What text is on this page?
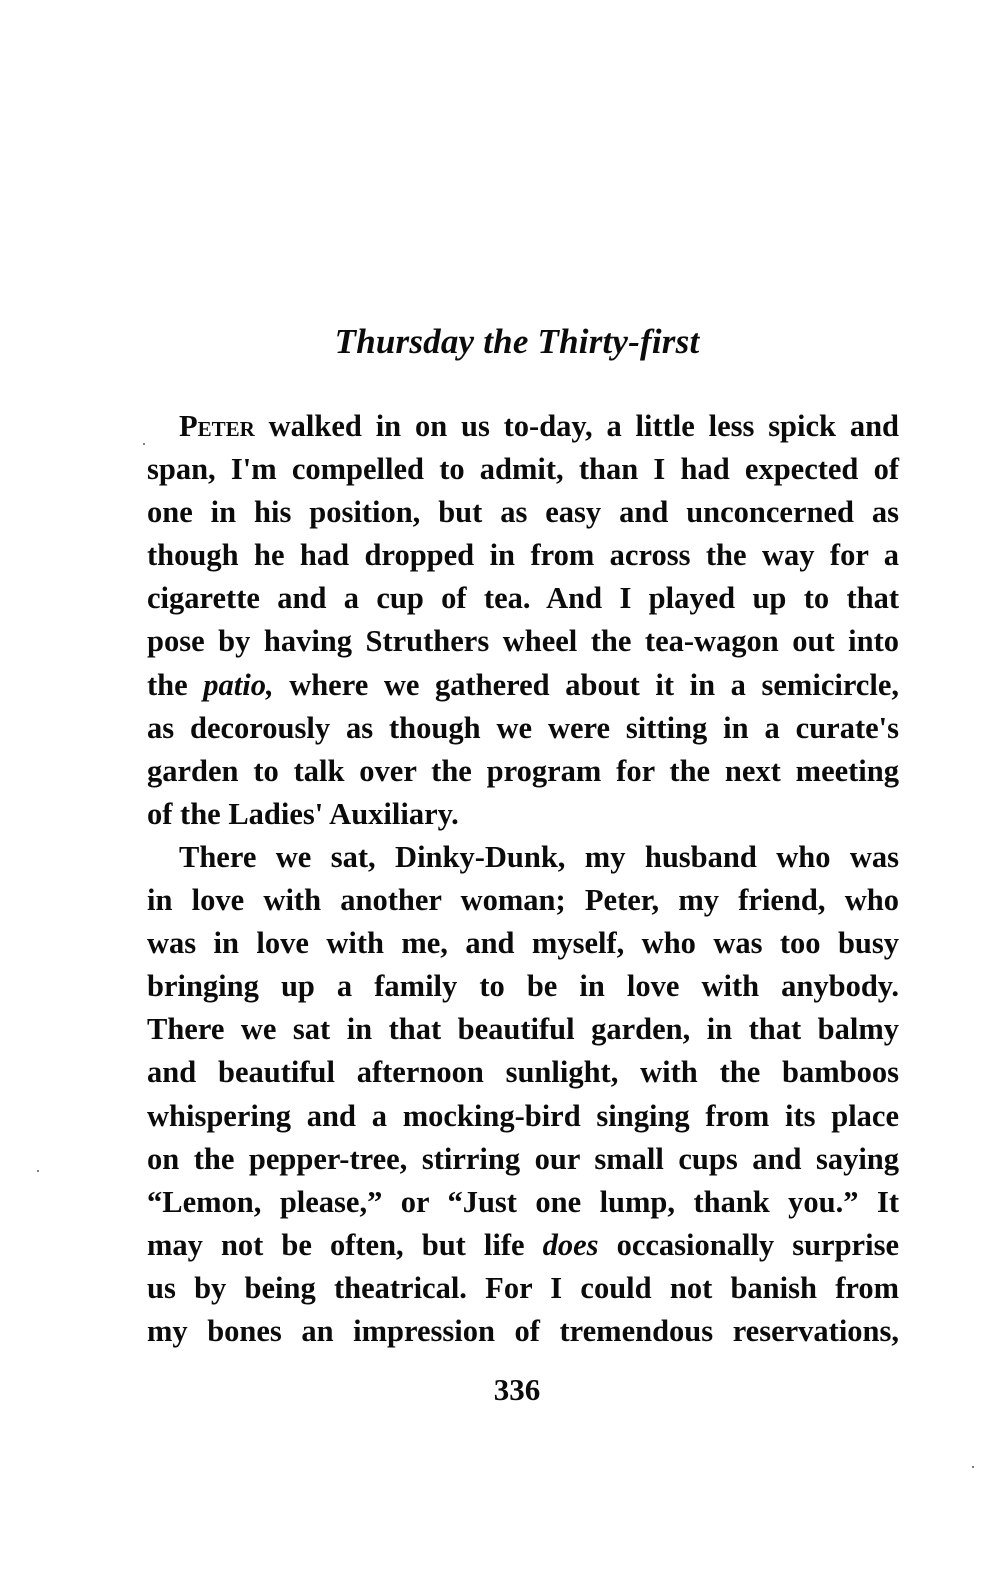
Thursday the Thirty-first
Peter walked in on us to-day, a little less spick and
span, I'm compelled to admit, than I had expected of
one in his position, but as easy and unconcerned as
though he had dropped in from across the way for a
cigarette and a cup of tea. And I played up to that
pose by having Struthers wheel the tea-wagon out into
the patio, where we gathered about it in a semicircle,
as decorously as though we were sitting in a curate's
garden to talk over the program for the next meeting
of the Ladies' Auxiliary.
There we sat, Dinky-Dunk, my husband who was
in love with another woman; Peter, my friend, who
was in love with me, and myself, who was too busy
bringing up a family to be in love with anybody.
There we sat in that beautiful garden, in that balmy
and beautiful afternoon sunlight, with the bamboos
whispering and a mocking-bird singing from its place
on the pepper-tree, stirring our small cups and saying
“Lemon, please,” or “Just one lump, thank you.” It
may not be often, but life does occasionally surprise
us by being theatrical. For I could not banish from
my bones an impression of tremendous reservations,
336
